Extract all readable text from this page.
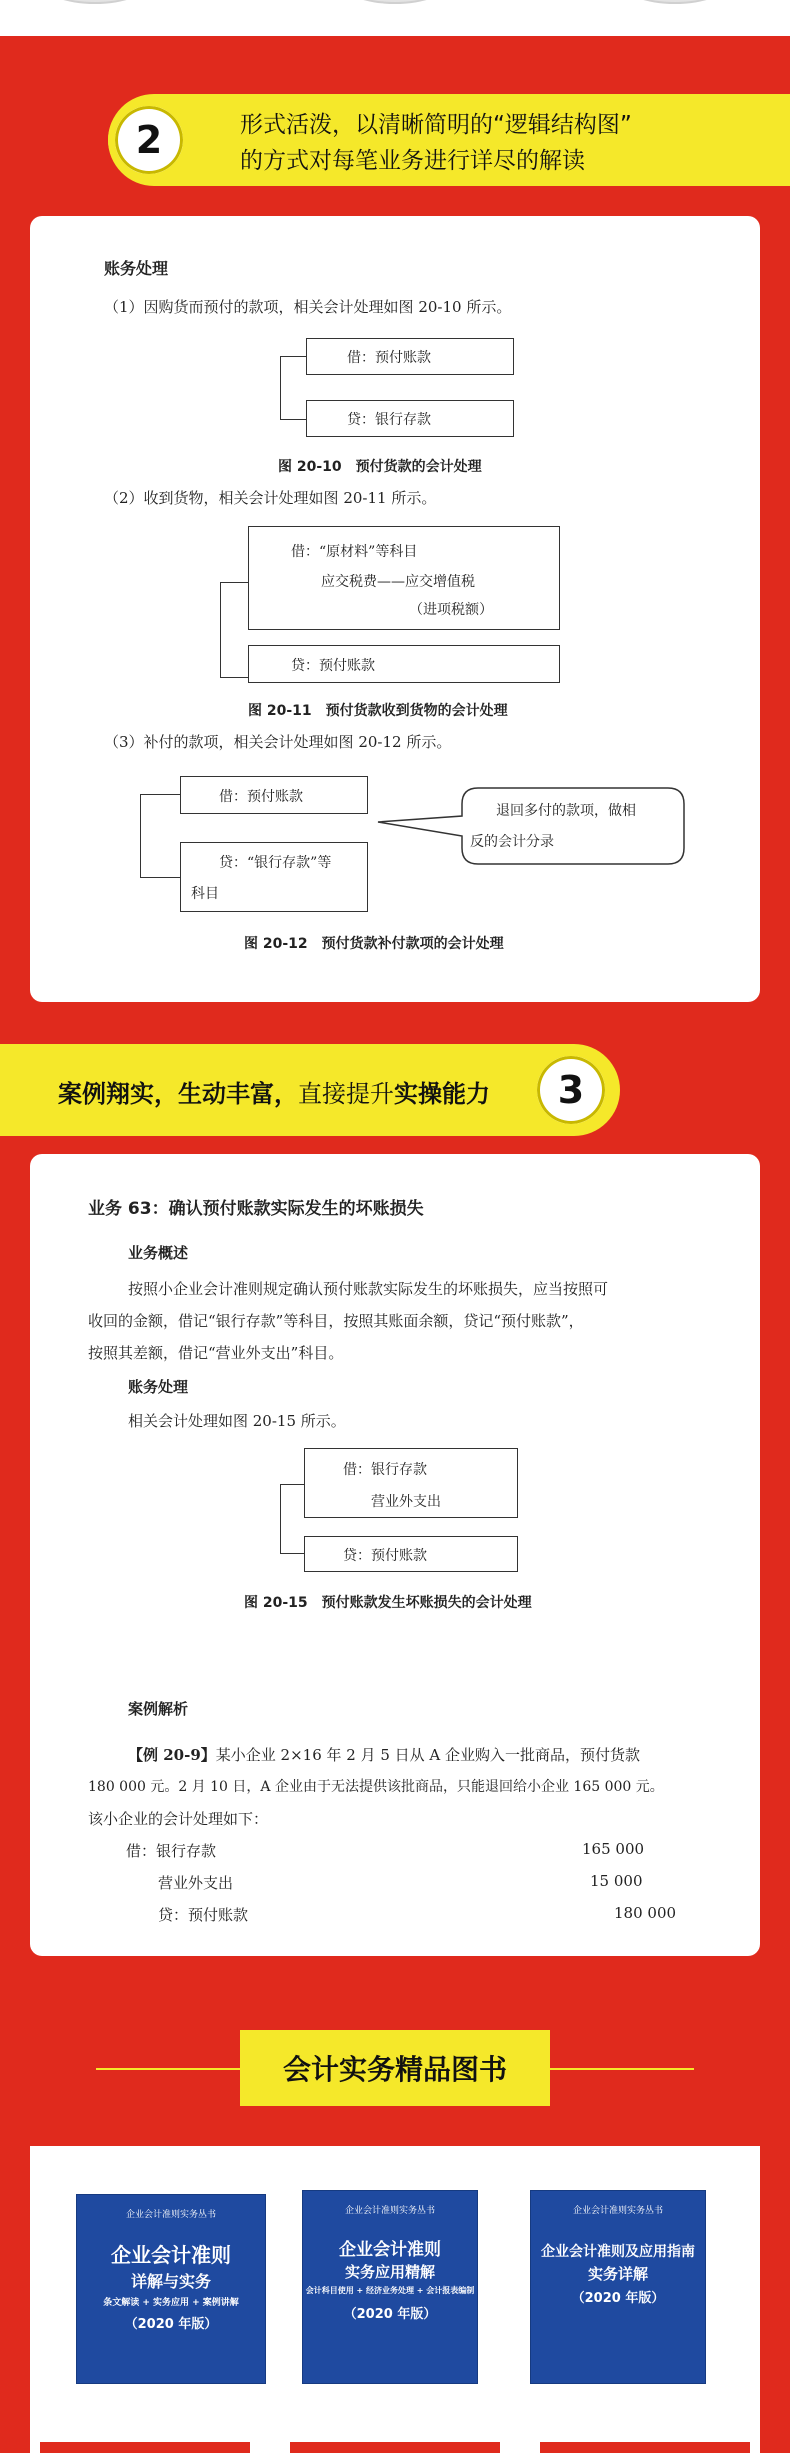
2	形式活泼，以清晰简明的“逻辑结构图”
的方式对每笔业务进行详尽的解读
账务处理
（1）因购货而预付的款项，相关会计处理如图 20-10 所示。
借：预付账款
贷：银行存款
图 20-10　预付货款的会计处理
（2）收到货物，相关会计处理如图 20-11 所示。
借：“原材料”等科目
应交税费——应交增值税
（进项税额）
贷：预付账款
图 20-11　预付货款收到货物的会计处理
（3）补付的款项，相关会计处理如图 20-12 所示。
借：预付账款
贷：“银行存款”等
科目
退回多付的款项，做相
反的会计分录
图 20-12　预付货款补付款项的会计处理
案例翔实，生动丰富，直接提升实操能力	3
业务 63：确认预付账款实际发生的坏账损失
业务概述
按照小企业会计准则规定确认预付账款实际发生的坏账损失，应当按照可
收回的金额，借记“银行存款”等科目，按照其账面余额，贷记“预付账款”，
按照其差额，借记“营业外支出”科目。
账务处理
相关会计处理如图 20-15 所示。
借：银行存款
营业外支出
贷：预付账款
图 20-15　预付账款发生坏账损失的会计处理
案例解析
【例 20-9】某小企业 2×16 年 2 月 5 日从 A 企业购入一批商品，预付货款
180 000 元。2 月 10 日，A 企业由于无法提供该批商品，只能退回给小企业 165 000 元。
该小企业的会计处理如下：
借：银行存款	165 000
营业外支出	15 000
贷：预付账款	180 000
会计实务精品图书
企业会计准则实务丛书
企业会计准则
详解与实务
条文解读 + 实务应用 + 案例讲解
（2020 年版）
企业会计准则实务丛书
企业会计准则
实务应用精解
会计科目使用 + 经济业务处理 + 会计报表编制
（2020 年版）
企业会计准则实务丛书
企业会计准则及应用指南
实务详解
（2020 年版）
